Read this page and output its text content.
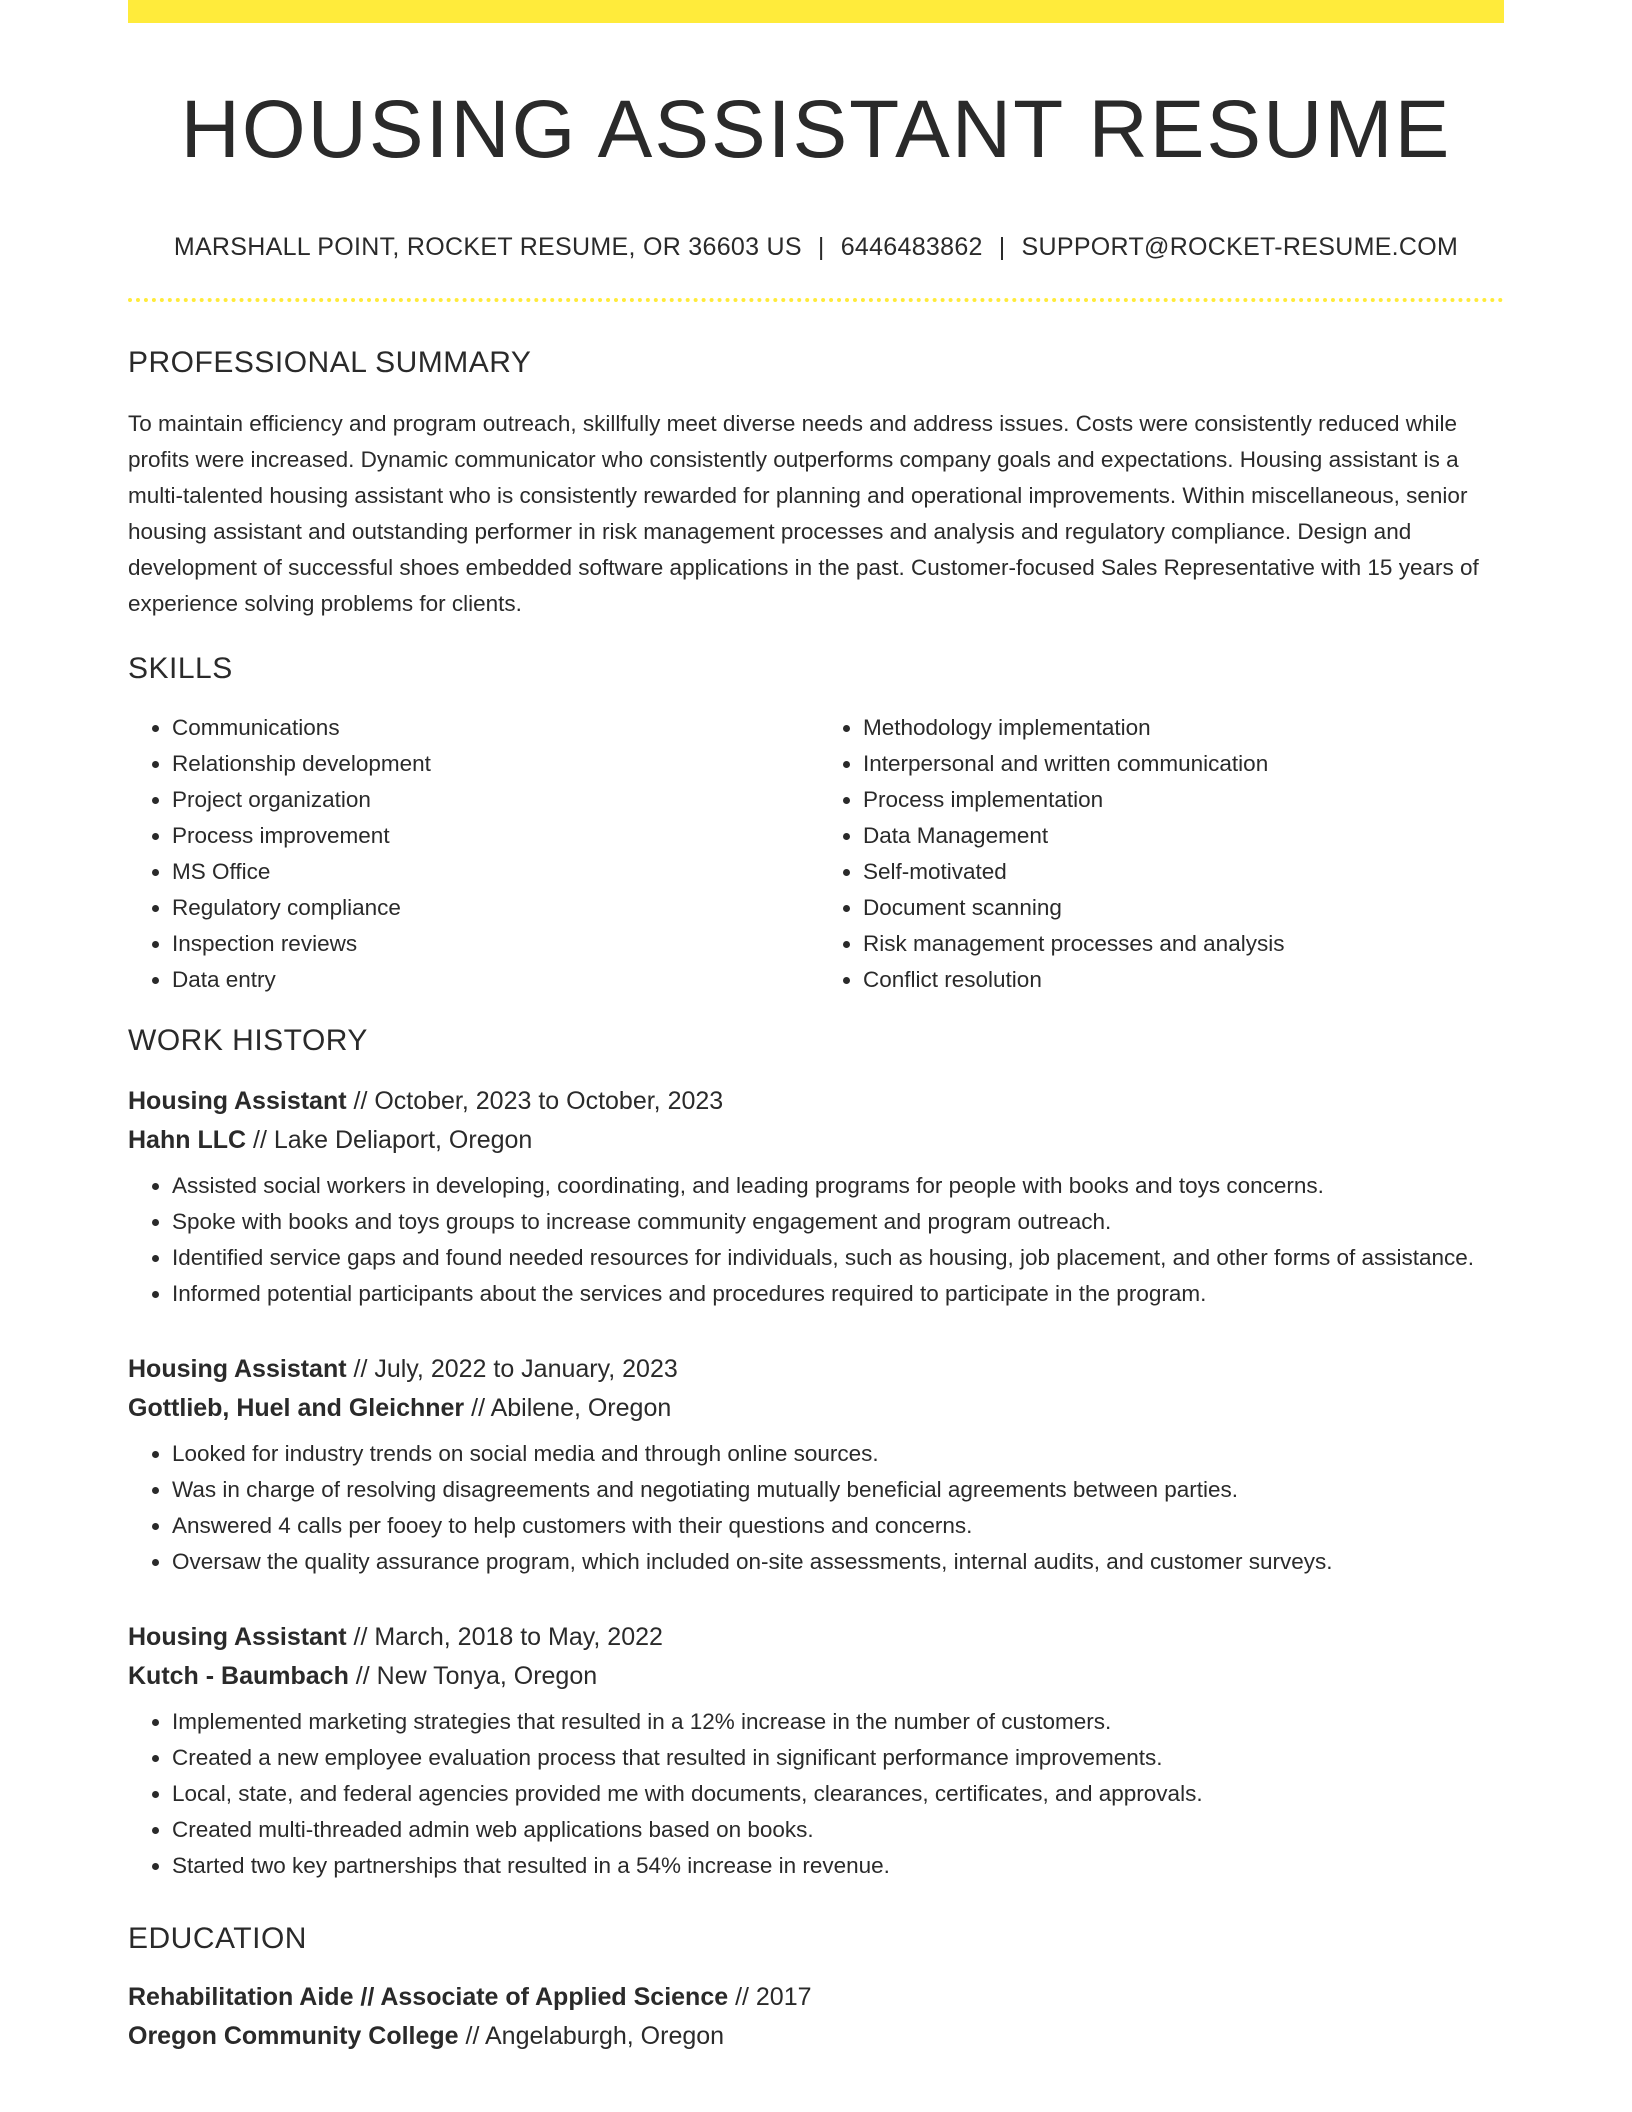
HOUSING ASSISTANT RESUME
MARSHALL POINT, ROCKET RESUME, OR 36603 US | 6446483862 | SUPPORT@ROCKET-RESUME.COM
PROFESSIONAL SUMMARY

To maintain efficiency and program outreach, skillfully meet diverse needs and address issues. Costs were consistently reduced while profits were increased. Dynamic communicator who consistently outperforms company goals and expectations. Housing assistant is a multi-talented housing assistant who is consistently rewarded for planning and operational improvements. Within miscellaneous, senior housing assistant and outstanding performer in risk management processes and analysis and regulatory compliance. Design and development of successful shoes embedded software applications in the past. Customer-focused Sales Representative with 15 years of experience solving problems for clients.

SKILLS
• Communications
• Relationship development
• Project organization
• Process improvement
• MS Office
• Regulatory compliance
• Inspection reviews
• Data entry
• Methodology implementation
• Interpersonal and written communication
• Process implementation
• Data Management
• Self-motivated
• Document scanning
• Risk management processes and analysis
• Conflict resolution
WORK HISTORY
Housing Assistant // October, 2023 to October, 2023
Hahn LLC // Lake Deliaport, Oregon
• Assisted social workers in developing, coordinating, and leading programs for people with books and toys concerns.
• Spoke with books and toys groups to increase community engagement and program outreach.
• Identified service gaps and found needed resources for individuals, such as housing, job placement, and other forms of assistance.
• Informed potential participants about the services and procedures required to participate in the program.
Housing Assistant // July, 2022 to January, 2023
Gottlieb, Huel and Gleichner // Abilene, Oregon
• Looked for industry trends on social media and through online sources.
• Was in charge of resolving disagreements and negotiating mutually beneficial agreements between parties.
• Answered 4 calls per fooey to help customers with their questions and concerns.
• Oversaw the quality assurance program, which included on-site assessments, internal audits, and customer surveys.
Housing Assistant // March, 2018 to May, 2022
Kutch - Baumbach // New Tonya, Oregon
• Implemented marketing strategies that resulted in a 12% increase in the number of customers.
• Created a new employee evaluation process that resulted in significant performance improvements.
• Local, state, and federal agencies provided me with documents, clearances, certificates, and approvals.
• Created multi-threaded admin web applications based on books.
• Started two key partnerships that resulted in a 54% increase in revenue.
EDUCATION
Rehabilitation Aide // Associate of Applied Science // 2017
Oregon Community College // Angelaburgh, Oregon
